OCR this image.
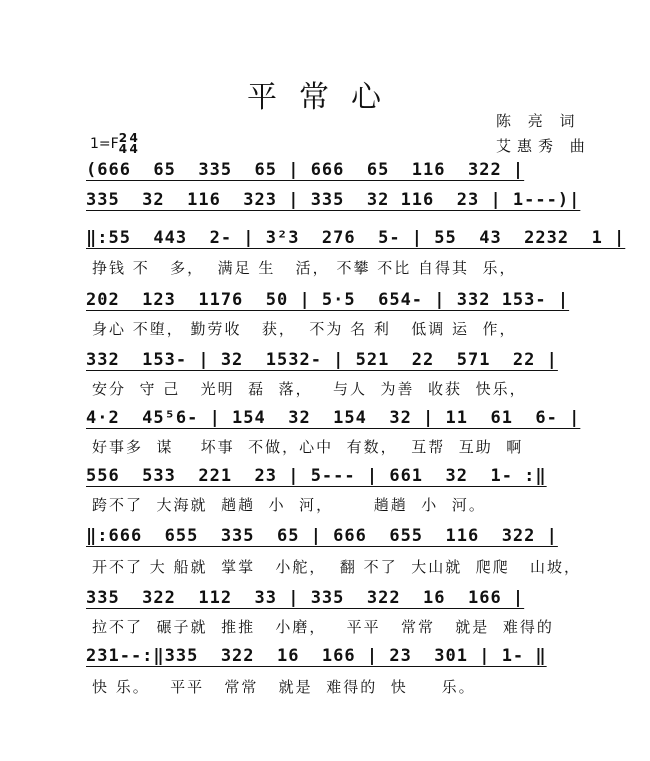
平常心
陈 亮 词
艾惠秀 曲
1=F 2
4

4
4
(666  65  335  65 | 666  65  116  322 |
335  32  116  323 | 335  32 116  23 | 1---)|
‖:55  443  2- | 3²3  276  5- | 55  43  2232  1 |
挣钱 不   多，  满足 生   活， 不攀 不比 自得其  乐，
202  123  1176  50 | 5·5  654- | 332 153- |
身心 不堕， 勤劳收   获，  不为 名 利   低调 运  作，
332  153- | 32  1532- | 521  22  571  22 |
安分  守 己   光明  磊  落，   与人  为善  收获  快乐，
4·2  45⁵6- | 154  32  154  32 | 11  61  6- |
好事多  谋    坏事  不做，心中  有数，  互帮  互助  啊
556  533  221  23 | 5--- | 661  32  1- :‖
跨不了  大海就  趟趟  小  河，      趟趟  小  河。
‖:666  655  335  65 | 666  655  116  322 |
开不了 大 船就  掌掌   小舵，  翻 不了  大山就  爬爬   山坡，
335  322  112  33 | 335  322  16  166 |
拉不了  碾子就  推推   小磨，   平平   常常   就是  难得的
231--:‖335  322  16  166 | 23  301 | 1- ‖
快 乐。   平平   常常   就是  难得的  快     乐。
